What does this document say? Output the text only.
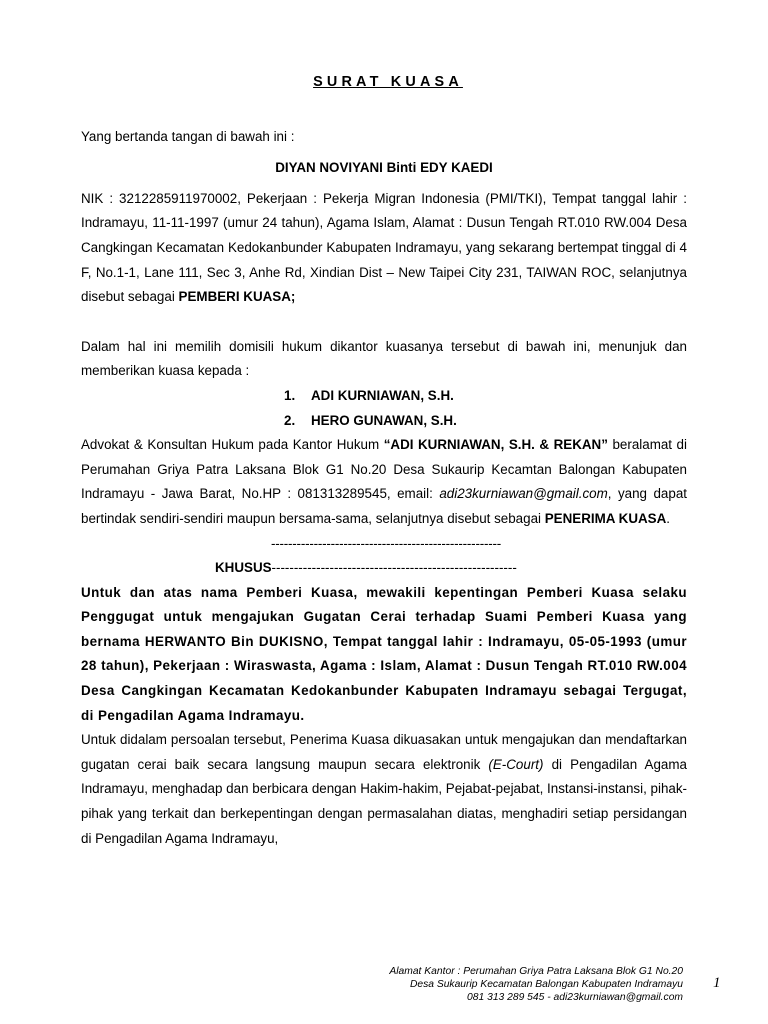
SURAT KUASA

Yang bertanda tangan di bawah ini :

DIYAN NOVIYANI Binti EDY KAEDI

NIK : 3212285911970002, Pekerjaan : Pekerja Migran Indonesia (PMI/TKI), Tempat tanggal lahir : Indramayu, 11-11-1997 (umur 24 tahun), Agama Islam, Alamat : Dusun Tengah RT.010 RW.004 Desa Cangkingan Kecamatan Kedokanbunder Kabupaten Indramayu, yang sekarang bertempat tinggal di 4 F, No.1-1, Lane 111, Sec 3, Anhe Rd, Xindian Dist – New Taipei City 231, TAIWAN ROC, selanjutnya disebut sebagai PEMBERI KUASA;

Dalam hal ini memilih domisili hukum dikantor kuasanya tersebut di bawah ini, menunjuk dan memberikan kuasa kepada :

1. ADI KURNIAWAN, S.H.
2. HERO GUNAWAN, S.H.

Advokat & Konsultan Hukum pada Kantor Hukum “ADI KURNIAWAN, S.H. & REKAN” beralamat di Perumahan Griya Patra Laksana Blok G1 No.20 Desa Sukaurip Kecamtan Balongan Kabupaten Indramayu - Jawa Barat, No.HP : 081313289545, email: adi23kurniawan@gmail.com, yang dapat bertindak sendiri-sendiri maupun bersama-sama, selanjutnya disebut sebagai PENERIMA KUASA.

------------------------------------------------------

KHUSUS-------------------------------------------------------

Untuk dan atas nama Pemberi Kuasa, mewakili kepentingan Pemberi Kuasa selaku Penggugat untuk mengajukan Gugatan Cerai terhadap Suami Pemberi Kuasa yang bernama HERWANTO Bin DUKISNO, Tempat tanggal lahir : Indramayu, 05-05-1993 (umur 28 tahun), Pekerjaan : Wiraswasta, Agama : Islam, Alamat : Dusun Tengah RT.010 RW.004 Desa Cangkingan Kecamatan Kedokanbunder Kabupaten Indramayu sebagai Tergugat, di Pengadilan Agama Indramayu.

Untuk didalam persoalan tersebut, Penerima Kuasa dikuasakan untuk mengajukan dan mendaftarkan gugatan cerai baik secara langsung maupun secara elektronik (E-Court) di Pengadilan Agama Indramayu, menghadap dan berbicara dengan Hakim-hakim, Pejabat-pejabat, Instansi-instansi, pihak-pihak yang terkait dan berkepentingan dengan permasalahan diatas, menghadiri setiap persidangan di Pengadilan Agama Indramayu,

Alamat Kantor : Perumahan Griya Patra Laksana Blok G1 No.20
Desa Sukaurip Kecamatan Balongan Kabupaten Indramayu
081 313 289 545 - adi23kurniawan@gmail.com
1
